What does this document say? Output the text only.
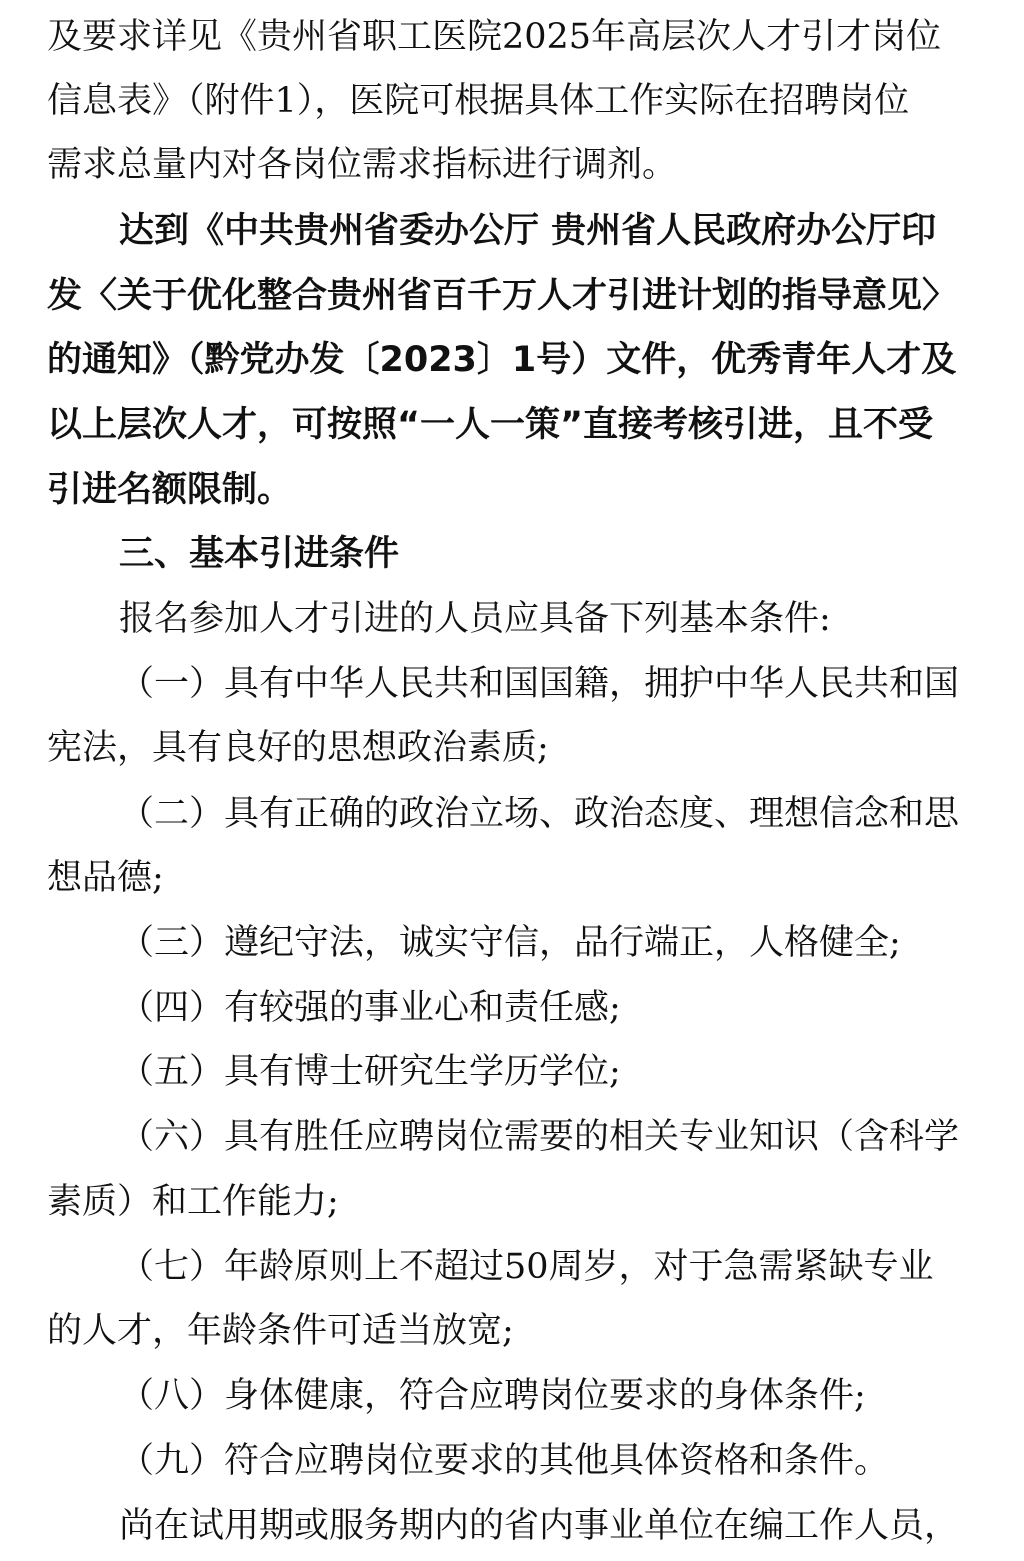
及要求详见《贵州省职工医院2025年高层次人才引才岗位
信息表》（附件1），医院可根据具体工作实际在招聘岗位
需求总量内对各岗位需求指标进行调剂。
达到《中共贵州省委办公厅 贵州省人民政府办公厅印
发〈关于优化整合贵州省百千万人才引进计划的指导意见〉
的通知》（黔党办发〔2023〕1号）文件，优秀青年人才及
以上层次人才，可按照“一人一策”直接考核引进，且不受
引进名额限制。
三、基本引进条件
报名参加人才引进的人员应具备下列基本条件:
（一）具有中华人民共和国国籍，拥护中华人民共和国
宪法，具有良好的思想政治素质;
（二）具有正确的政治立场、政治态度、理想信念和思
想品德;
（三）遵纪守法，诚实守信，品行端正，人格健全;
（四）有较强的事业心和责任感;
（五）具有博士研究生学历学位;
（六）具有胜任应聘岗位需要的相关专业知识（含科学
素质）和工作能力;
（七）年龄原则上不超过50周岁，对于急需紧缺专业
的人才，年龄条件可适当放宽;
（八）身体健康，符合应聘岗位要求的身体条件;
（九）符合应聘岗位要求的其他具体资格和条件。
尚在试用期或服务期内的省内事业单位在编工作人员，
